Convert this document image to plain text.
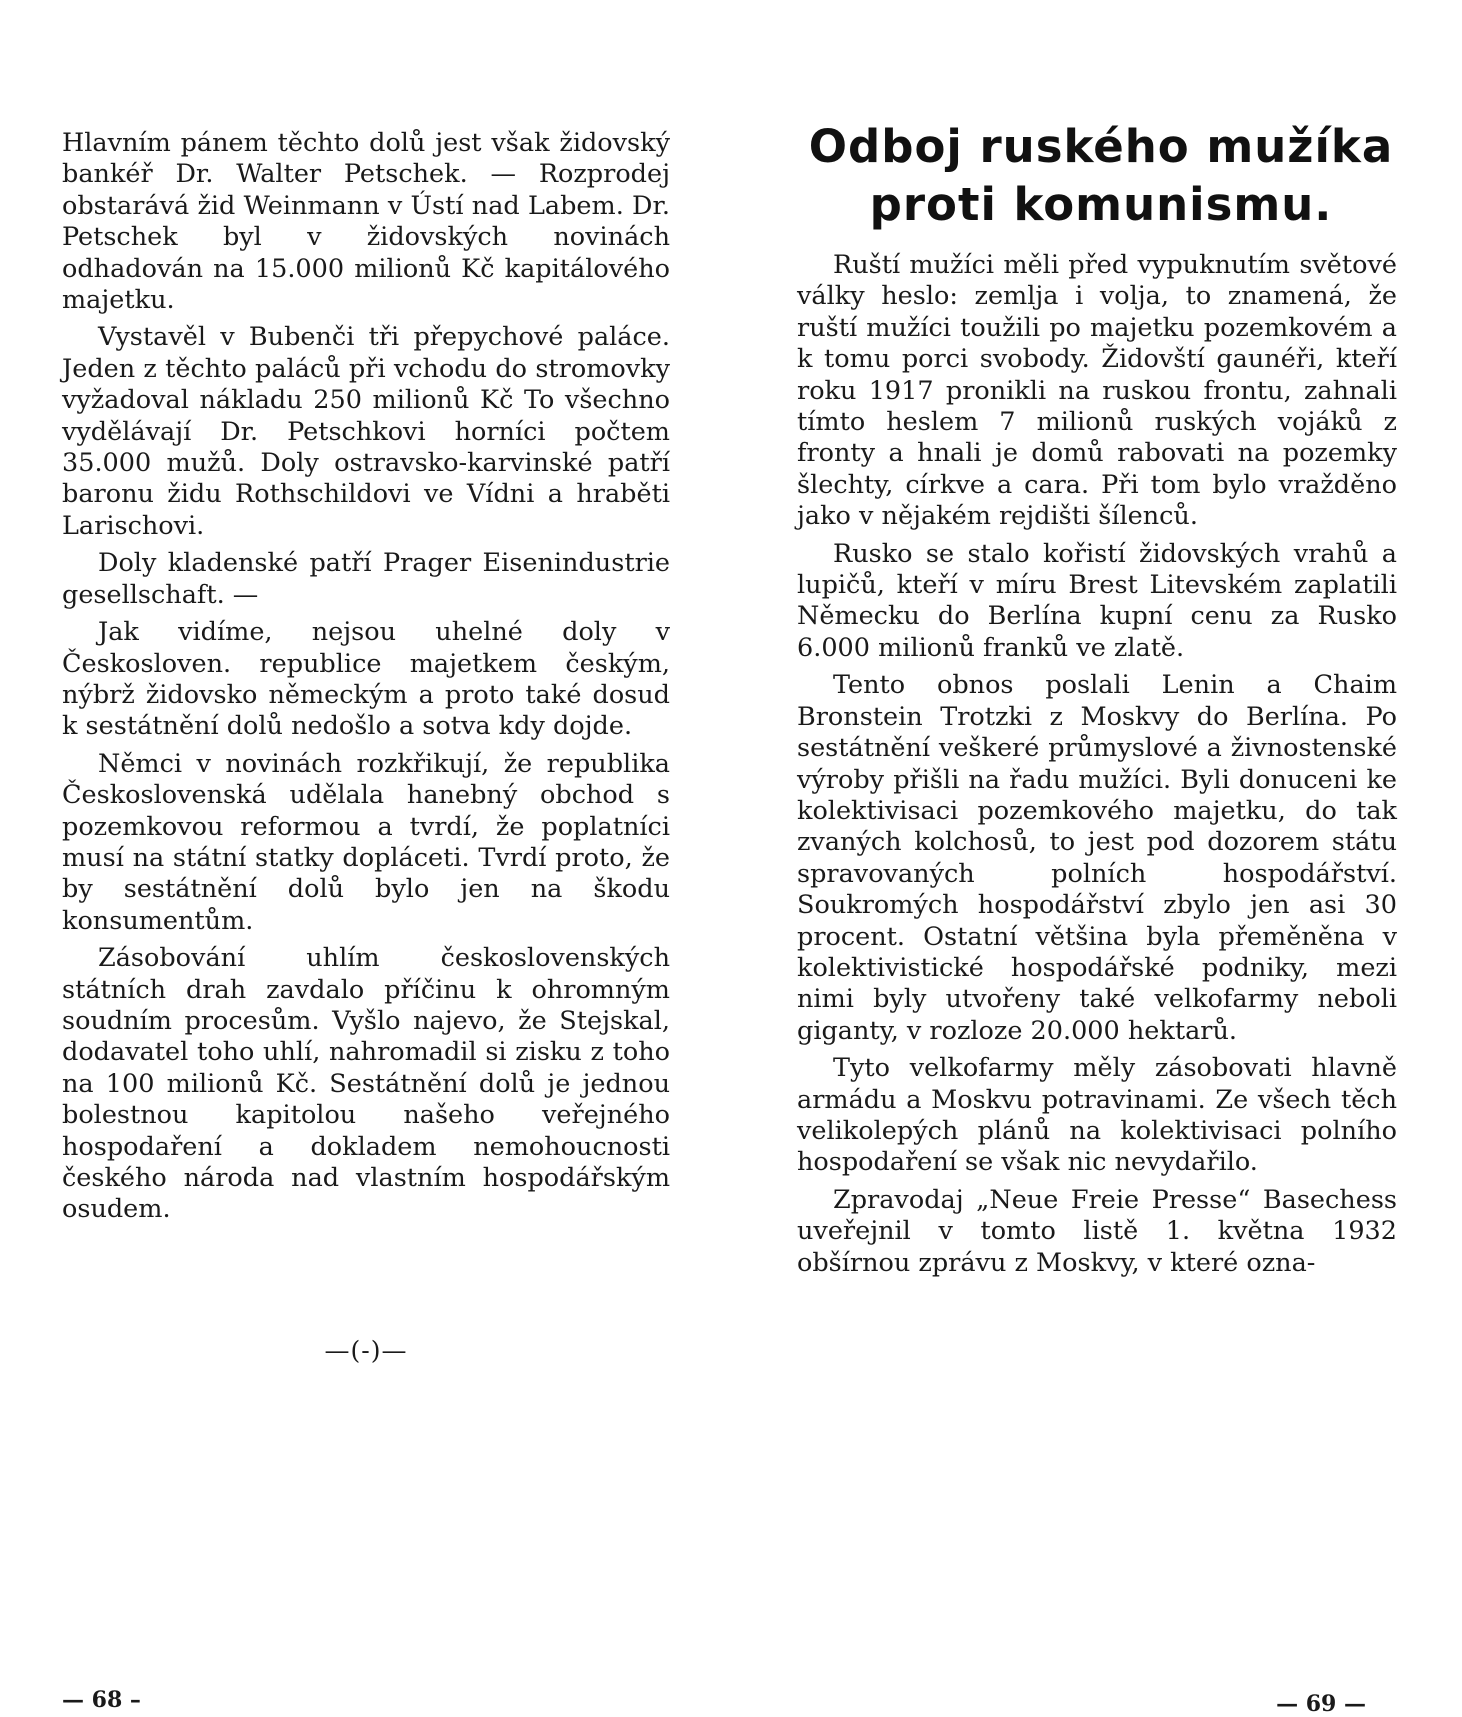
Hlavním pánem těchto dolů jest však židovský bankéř Dr. Walter Petschek. — Rozprodej obstarává žid Weinmann v Ústí nad Labem. Dr. Petschek byl v židovských novinách odhadován na 15.000 milionů Kč kapitálového majetku.

Vystavěl v Bubenči tři přepychové paláce. Jeden z těchto paláců při vchodu do stromovky vyžadoval nákladu 250 milionů Kč To všechno vydělávají Dr. Petschkovi horníci počtem 35.000 mužů. Doly ostravsko-karvinské patří baronu židu Rothschildovi ve Vídni a hraběti Larischovi.

Doly kladenské patří Prager Eisenindustrie gesellschaft. —

Jak vidíme, nejsou uhelné doly v Českosloven. republice majetkem českým, nýbrž židovsko německým a proto také dosud k sestátnění dolů nedošlo a sotva kdy dojde.

Němci v novinách rozkřikují, že republika Československá udělala hanebný obchod s pozemkovou reformou a tvrdí, že poplatníci musí na státní statky dopláceti. Tvrdí proto, že by sestátnění dolů bylo jen na škodu konsumentům.

Zásobování uhlím československých státních drah zavdalo příčinu k ohromným soudním procesům. Vyšlo najevo, že Stejskal, dodavatel toho uhlí, nahromadil si zisku z toho na 100 milionů Kč. Sestátnění dolů je jednou bolestnou kapitolou našeho veřejného hospodaření a dokladem nemohoucnosti českého národa nad vlastním hospodářským osudem.

—(-)—
— 68 –
Odboj ruského mužíka proti komunismu.

Ruští mužíci měli před vypuknutím světové války heslo: zemlja i volja, to znamená, že ruští mužíci toužili po majetku pozemkovém a k tomu porci svobody. Židovští gaunéři, kteří roku 1917 pronikli na ruskou frontu, zahnali tímto heslem 7 milionů ruských vojáků z fronty a hnali je domů rabovati na pozemky šlechty, církve a cara. Při tom bylo vražděno jako v nějakém rejdišti šílenců.

Rusko se stalo kořistí židovských vrahů a lupičů, kteří v míru Brest Litevském zaplatili Německu do Berlína kupní cenu za Rusko 6.000 milionů franků ve zlatě.

Tento obnos poslali Lenin a Chaim Bronstein Trotzki z Moskvy do Berlína. Po sestátnění veškeré průmyslové a živnostenské výroby přišli na řadu mužíci. Byli donuceni ke kolektivisaci pozemkového majetku, do tak zvaných kolchosů, to jest pod dozorem státu spravovaných polních hospodářství. Soukromých hospodářství zbylo jen asi 30 procent. Ostatní většina byla přeměněna v kolektivistické hospodářské podniky, mezi nimi byly utvořeny také velkofarmy neboli giganty, v rozloze 20.000 hektarů.

Tyto velkofarmy měly zásobovati hlavně armádu a Moskvu potravinami. Ze všech těch velikolepých plánů na kolektivisaci polního hospodaření se však nic nevydařilo.

Zpravodaj „Neue Freie Presse“ Basechess uveřejnil v tomto listě 1. května 1932 obšírnou zprávu z Moskvy, v které ozna-

— 69 —
